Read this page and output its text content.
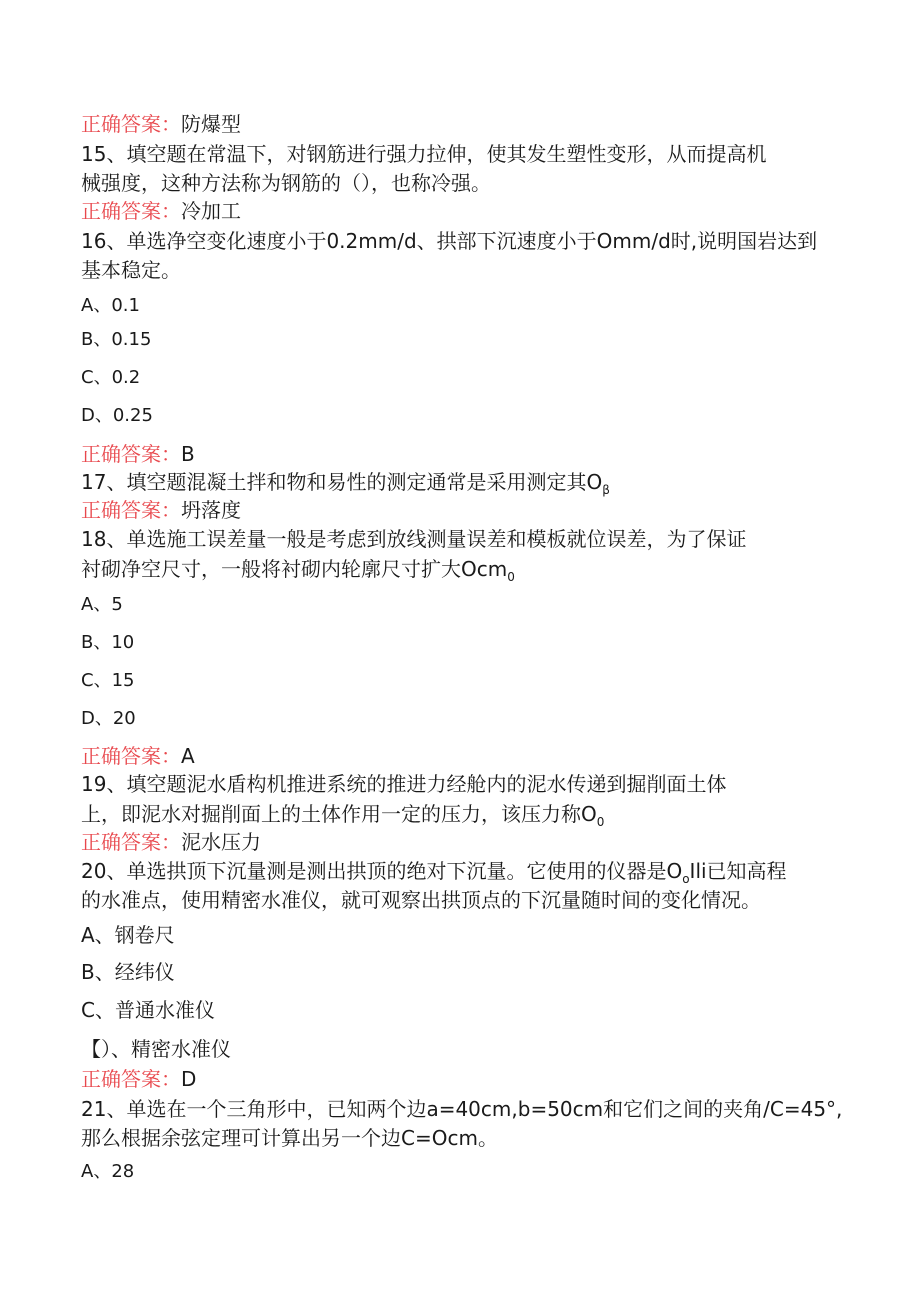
正确答案：防爆型

15、填空题在常温下，对钢筋进行强力拉伸，使其发生塑性变形，从而提高机

械强度，这种方法称为钢筋的（），也称冷强。

正确答案：冷加工

16、单选净空变化速度小于0.2mm/d、拱部下沉速度小于Omm/d时,说明国岩达到

基本稳定。

A、0.1

B、0.15

C、0.2

D、0.25

正确答案：B

17、填空题混凝土拌和物和易性的测定通常是采用测定其$O_\beta$

正确答案：坍落度

18、单选施工误差量一般是考虑到放线测量误差和模板就位误差，为了保证

衬砌净空尺寸，一般将衬砌内轮廓尺寸扩大Ocm$_0$

A、5

B、10

C、15

D、20

正确答案：A

19、填空题泥水盾构机推进系统的推进力经舱内的泥水传递到掘削面土体

上，即泥水对掘削面上的土体作用一定的压力，该压力称$O_0$

正确答案：泥水压力

20、单选拱顶下沉量测是测出拱顶的绝对下沉量。它使用的仪器是$O_oIli$已知高程

的水准点，使用精密水准仪，就可观察出拱顶点的下沉量随时间的变化情况。

A、钢卷尺

B、经纬仪

C、普通水准仪

【）、精密水准仪

正确答案：D

21、单选在一个三角形中，已知两个边a=40cm,b=50cm和它们之间的夹角/C=45°,

那么根据余弦定理可计算出另一个边C=Ocm。

A、28
